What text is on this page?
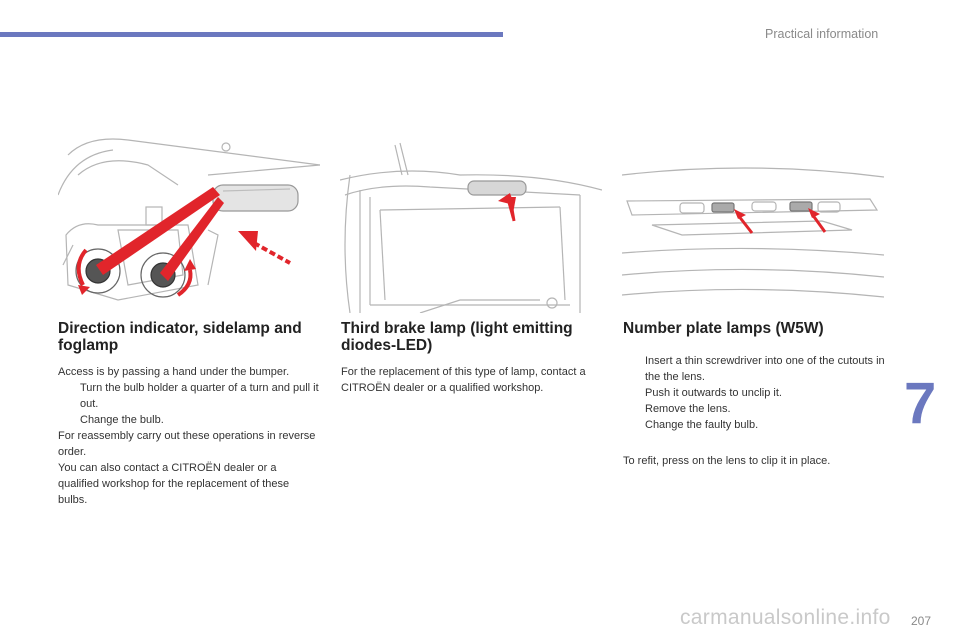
Practical information
7
Direction indicator, sidelamp and foglamp

Access is by passing a hand under the bumper.

Turn the bulb holder a quarter of a turn and pull it out.
Change the bulb.

For reassembly carry out these operations in reverse order.

You can also contact a CITROËN dealer or a qualified workshop for the replacement of these bulbs.

Third brake lamp (light emitting diodes-LED)

For the replacement of this type of lamp, contact a CITROËN dealer or a qualified workshop.

Number plate lamps (W5W)
Insert a thin screwdriver into one of the cutouts in the the lens.
Push it outwards to unclip it.
Remove the lens.
Change the faulty bulb.

To refit, press on the lens to clip it in place.

carmanualsonline.info 207
